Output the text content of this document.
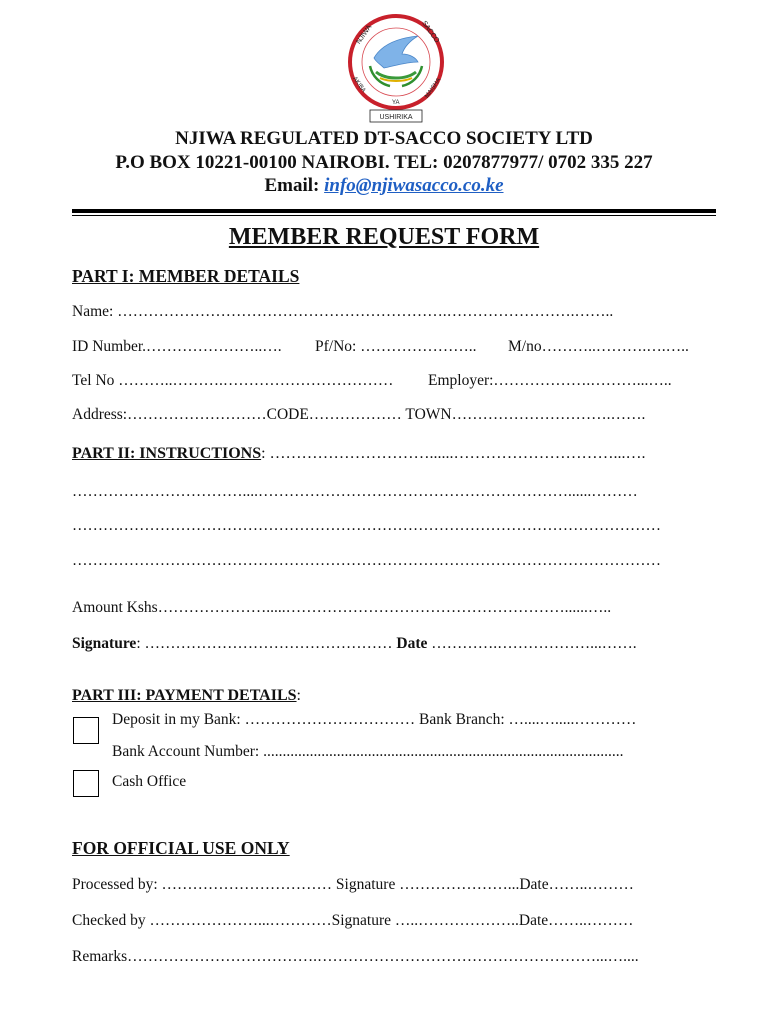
NJIWA	SACCO
AKIBA
YA
MAISHA
USHIRIKA
NJIWA REGULATED DT-SACCO SOCIETY LTD
P.O BOX 10221-00100 NAIROBI. TEL: 0207877977/ 0702 335 227
Email: info@njiwasacco.co.ke
MEMBER REQUEST FORM
PART I: MEMBER DETAILS
Name: ……………………………………………………….…………………….……..
ID Number.…………………..…. Pf/No: ………………….. M/no………..……….….…..
Tel No ………..……….…………………………… Employer:……………….………...…..
Address:………………………CODE……………… TOWN………………………….…….
PART II: INSTRUCTIONS: …………………………......…………………………...….
……………………………....……………………………………………………......………
……………………………………………………………………………………………………
……………………………………………………………………………………………………
Amount Kshs………………….....………………………………………………......…..
Signature: ………………………………………… Date ………….………………...…….
PART III: PAYMENT DETAILS:
Deposit in my Bank: …………………………… Bank Branch: …....….....…………
Bank Account Number: .............................................................................................
Cash Office
FOR OFFICIAL USE ONLY
Processed by: …………………………… Signature …………………...Date……..………
Checked by …………………...…………Signature …..………………..Date……..………
Remarks……………………………….………………………………………………...…....
